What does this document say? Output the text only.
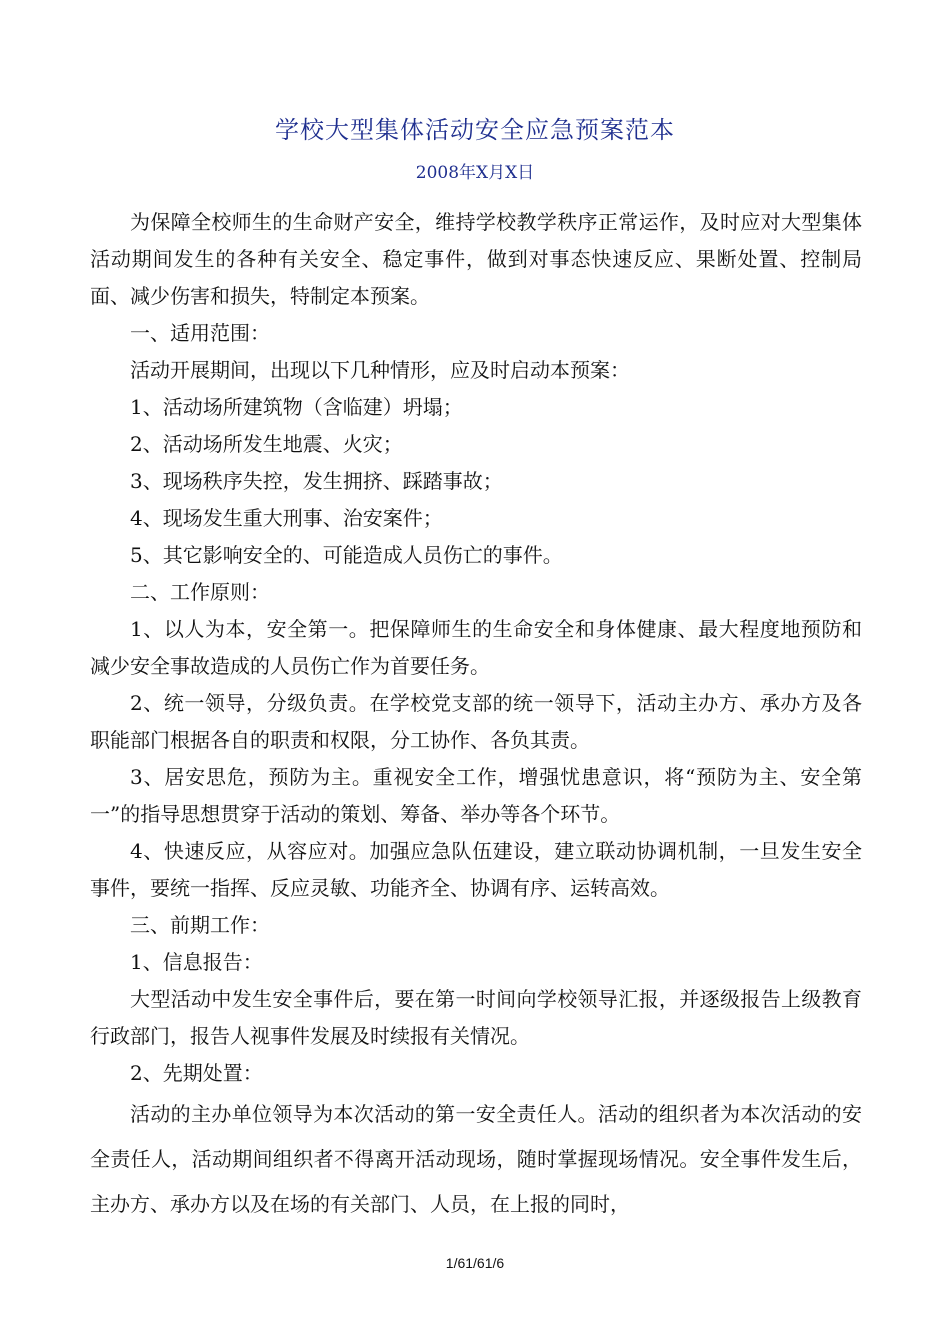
学校大型集体活动安全应急预案范本
2008年X月X日

为保障全校师生的生命财产安全，维持学校教学秩序正常运作，及时应对大型集体活动期间发生的各种有关安全、稳定事件，做到对事态快速反应、果断处置、控制局面、减少伤害和损失，特制定本预案。

一、适用范围：

活动开展期间，出现以下几种情形，应及时启动本预案：

1、活动场所建筑物（含临建）坍塌；

2、活动场所发生地震、火灾；

3、现场秩序失控，发生拥挤、踩踏事故；

4、现场发生重大刑事、治安案件；

5、其它影响安全的、可能造成人员伤亡的事件。

二、工作原则：

1、以人为本，安全第一。把保障师生的生命安全和身体健康、最大程度地预防和减少安全事故造成的人员伤亡作为首要任务。

2、统一领导，分级负责。在学校党支部的统一领导下，活动主办方、承办方及各职能部门根据各自的职责和权限，分工协作、各负其责。

3、居安思危，预防为主。重视安全工作，增强忧患意识，将“预防为主、安全第一”的指导思想贯穿于活动的策划、筹备、举办等各个环节。

4、快速反应，从容应对。加强应急队伍建设，建立联动协调机制，一旦发生安全事件，要统一指挥、反应灵敏、功能齐全、协调有序、运转高效。

三、前期工作：

1、信息报告：

大型活动中发生安全事件后，要在第一时间向学校领导汇报，并逐级报告上级教育行政部门，报告人视事件发展及时续报有关情况。

2、先期处置：

活动的主办单位领导为本次活动的第一安全责任人。活动的组织者为本次活动的安全责任人，活动期间组织者不得离开活动现场，随时掌握现场情况。安全事件发生后，主办方、承办方以及在场的有关部门、人员，在上报的同时，

1/61/61/6
